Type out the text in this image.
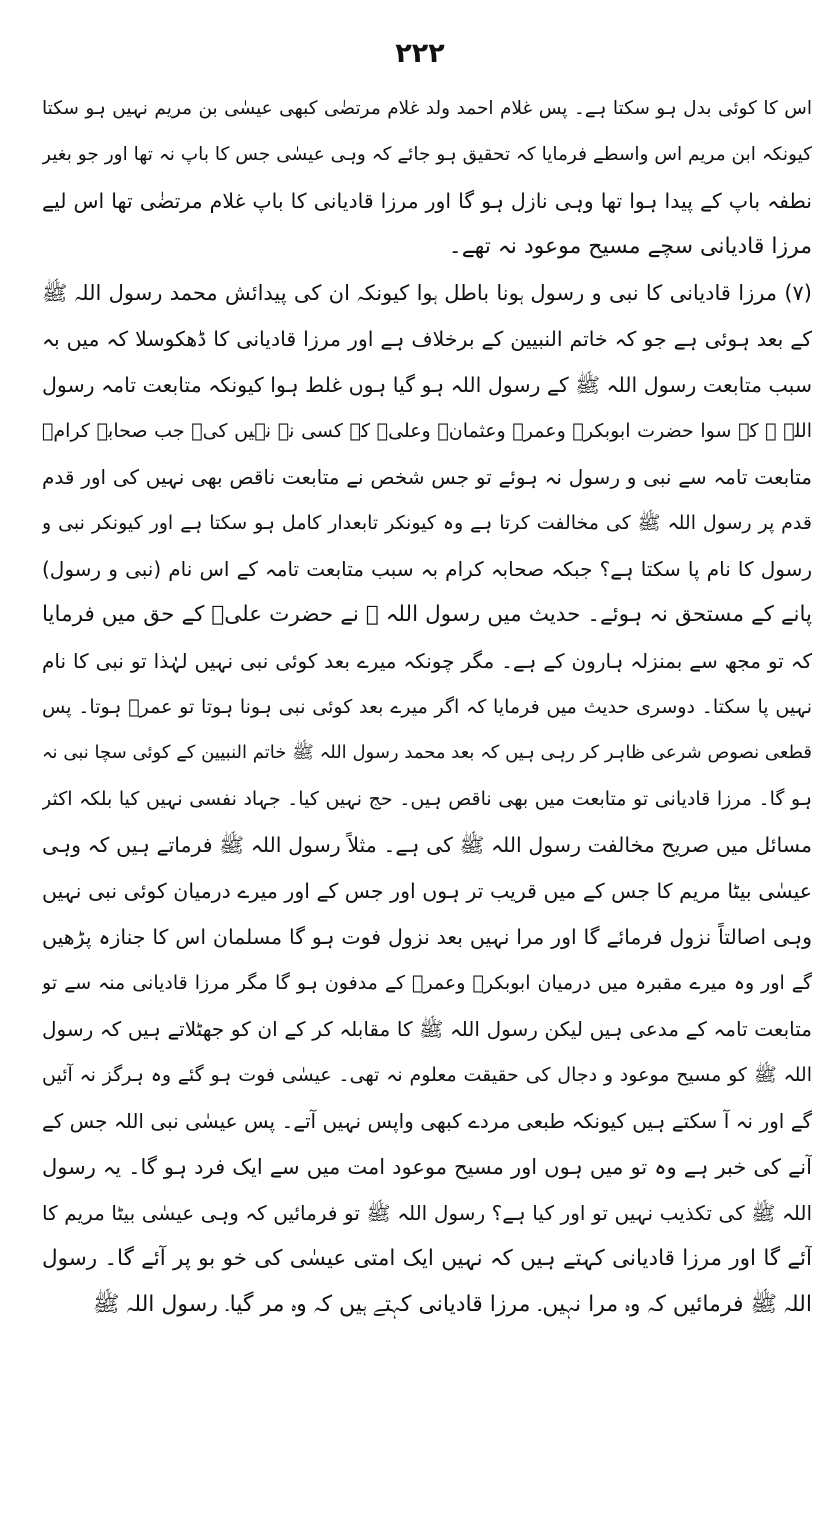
۲۲۲
اس کا کوئی بدل ہو سکتا ہے۔ پس غلام احمد ولد غلام مرتضٰی کبھی عیسٰی بن مریم نہیں ہو سکتا
کیونکہ ابن مریم اس واسطے فرمایا کہ تحقیق ہو جائے کہ وہی عیسٰی جس کا باپ نہ تھا اور جو بغیر
نطفہ باپ کے پیدا ہوا تھا وہی نازل ہو گا اور مرزا قادیانی کا باپ غلام مرتضٰی تھا اس لیے
مرزا قادیانی سچے مسیح موعود نہ تھے۔
(۷) مرزا قادیانی کا نبی و رسول ہونا باطل ہوا کیونکہ ان کی پیدائش محمد رسول اللہ ﷺ
کے بعد ہوئی ہے جو کہ خاتم النبیین کے برخلاف ہے اور مرزا قادیانی کا ڈھکوسلا کہ میں بہ
سبب متابعت رسول اللہ ﷺ کے رسول اللہ ہو گیا ہوں غلط ہوا کیونکہ متابعت تامہ رسول
اللہ ﷺ کے سوا حضرت ابوبکرؓ وعمرؓ وعثمانؓ وعلیؓ کے کسی نے نہیں کی۔ جب صحابہ کرامؓ
متابعت تامہ سے نبی و رسول نہ ہوئے تو جس شخص نے متابعت ناقص بھی نہیں کی اور قدم
قدم پر رسول اللہ ﷺ کی مخالفت کرتا ہے وہ کیونکر تابعدار کامل ہو سکتا ہے اور کیونکر نبی و
رسول کا نام پا سکتا ہے؟ جبکہ صحابہ کرام بہ سبب متابعت تامہ کے اس نام (نبی و رسول)
پانے کے مستحق نہ ہوئے۔ حدیث میں رسول اللہ ﷺ نے حضرت علیؓ کے حق میں فرمایا
کہ تو مجھ سے بمنزلہ ہارون کے ہے۔ مگر چونکہ میرے بعد کوئی نبی نہیں لہٰذا تو نبی کا نام
نہیں پا سکتا۔ دوسری حدیث میں فرمایا کہ اگر میرے بعد کوئی نبی ہونا ہوتا تو عمرؓ ہوتا۔ پس
قطعی نصوص شرعی ظاہر کر رہی ہیں کہ بعد محمد رسول اللہ ﷺ خاتم النبیین کے کوئی سچا نبی نہ
ہو گا۔ مرزا قادیانی تو متابعت میں بھی ناقص ہیں۔ حج نہیں کیا۔ جہاد نفسی نہیں کیا بلکہ اکثر
مسائل میں صریح مخالفت رسول اللہ ﷺ کی ہے۔ مثلاً رسول اللہ ﷺ فرماتے ہیں کہ وہی
عیسٰی بیٹا مریم کا جس کے میں قریب تر ہوں اور جس کے اور میرے درمیان کوئی نبی نہیں
وہی اصالتاً نزول فرمائے گا اور مرا نہیں بعد نزول فوت ہو گا مسلمان اس کا جنازہ پڑھیں
گے اور وہ میرے مقبرہ میں درمیان ابوبکرؓ وعمرؓ کے مدفون ہو گا مگر مرزا قادیانی منہ سے تو
متابعت تامہ کے مدعی ہیں لیکن رسول اللہ ﷺ کا مقابلہ کر کے ان کو جھٹلاتے ہیں کہ رسول
اللہ ﷺ کو مسیح موعود و دجال کی حقیقت معلوم نہ تھی۔ عیسٰی فوت ہو گئے وہ ہرگز نہ آئیں
گے اور نہ آ سکتے ہیں کیونکہ طبعی مردے کبھی واپس نہیں آتے۔ پس عیسٰی نبی اللہ جس کے
آنے کی خبر ہے وہ تو میں ہوں اور مسیح موعود امت میں سے ایک فرد ہو گا۔ یہ رسول
اللہ ﷺ کی تکذیب نہیں تو اور کیا ہے؟ رسول اللہ ﷺ تو فرمائیں کہ وہی عیسٰی بیٹا مریم کا
آئے گا اور مرزا قادیانی کہتے ہیں کہ نہیں ایک امتی عیسٰی کی خو بو پر آئے گا۔ رسول
اللہ ﷺ فرمائیں کہ وہ مرا نہیں۔ مرزا قادیانی کہتے ہیں کہ وہ مر گیا۔ رسول اللہ ﷺ
